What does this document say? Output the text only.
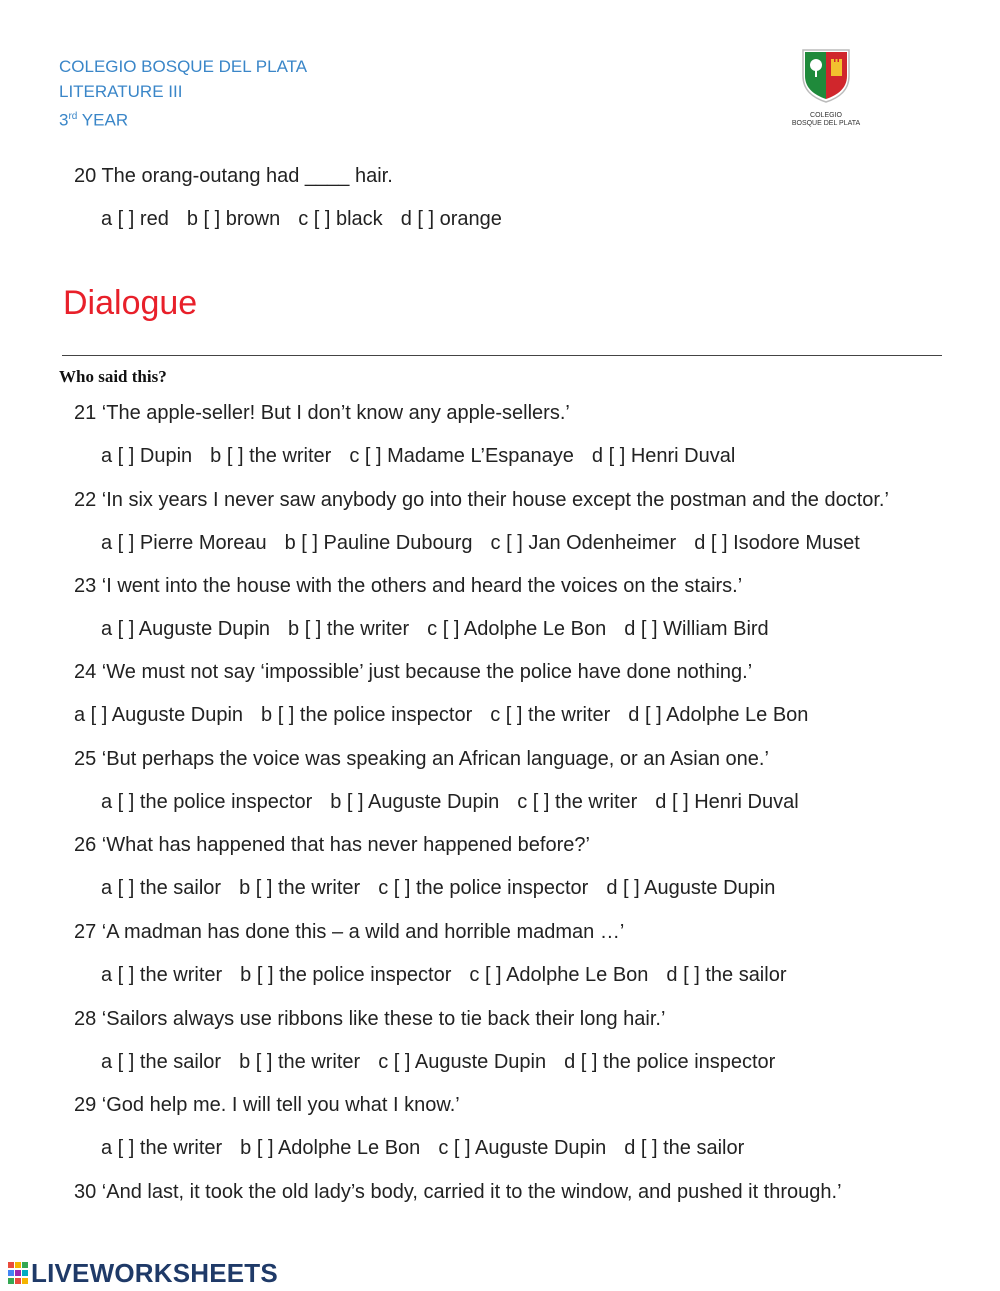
COLEGIO BOSQUE DEL PLATA
LITERATURE III
3rd YEAR	COLEGIO
BOSQUE DEL PLATA
20 The orang-outang had ____ hair.
a [ ] red b [ ] brown c [ ] black d [ ] orange
Dialogue
Who said this?
21 ‘The apple-seller! But I don’t know any apple-sellers.’
a [ ] Dupin b [ ] the writer c [ ] Madame L’Espanaye d [ ] Henri Duval
22 ‘In six years I never saw anybody go into their house except the postman and the doctor.’
a [ ] Pierre Moreau b [ ] Pauline Dubourg c [ ] Jan Odenheimer d [ ] Isodore Muset
23 ‘I went into the house with the others and heard the voices on the stairs.’
a [ ] Auguste Dupin b [ ] the writer c [ ] Adolphe Le Bon d [ ] William Bird
24 ‘We must not say ‘impossible’ just because the police have done nothing.’
a [ ] Auguste Dupin b [ ] the police inspector c [ ] the writer d [ ] Adolphe Le Bon
25 ‘But perhaps the voice was speaking an African language, or an Asian one.’
a [ ] the police inspector b [ ] Auguste Dupin c [ ] the writer d [ ] Henri Duval
26 ‘What has happened that has never happened before?’
a [ ] the sailor b [ ] the writer c [ ] the police inspector d [ ] Auguste Dupin
27 ‘A madman has done this – a wild and horrible madman …’
a [ ] the writer b [ ] the police inspector c [ ] Adolphe Le Bon d [ ] the sailor
28 ‘Sailors always use ribbons like these to tie back their long hair.’
a [ ] the sailor b [ ] the writer c [ ] Auguste Dupin d [ ] the police inspector
29 ‘God help me. I will tell you what I know.’
a [ ] the writer b [ ] Adolphe Le Bon c [ ] Auguste Dupin d [ ] the sailor
30 ‘And last, it took the old lady’s body, carried it to the window, and pushed it through.’
LIVEWORKSHEETS
